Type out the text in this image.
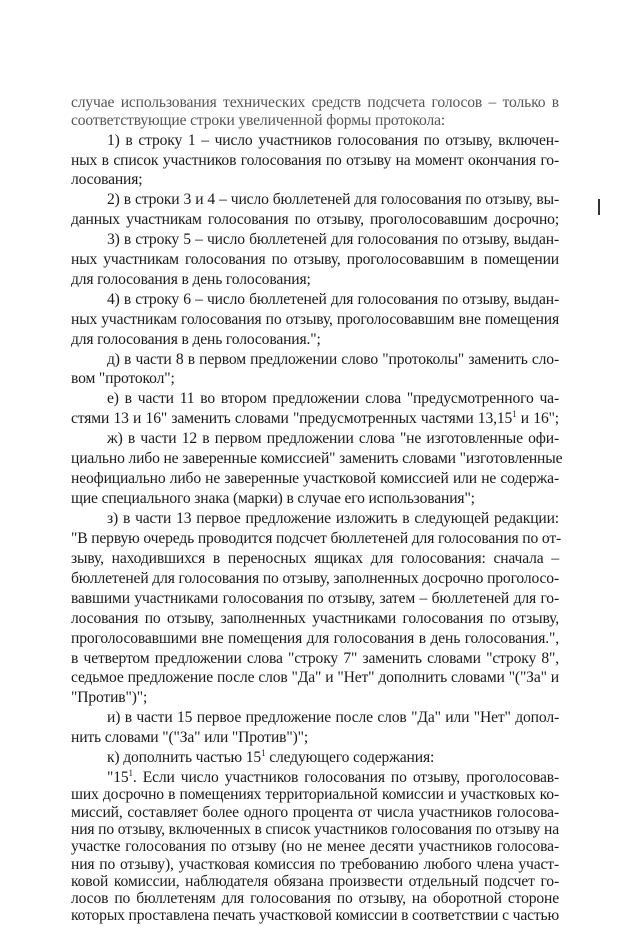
случае использования технических средств подсчета голосов – только в
соответствующие строки увеличенной формы протокола:
1) в строку 1 – число участников голосования по отзыву, включен-
ных в список участников голосования по отзыву на момент окончания го-
лосования;
2) в строки 3 и 4 – число бюллетеней для голосования по отзыву, вы-
данных участникам голосования по отзыву, проголосовавшим досрочно;
3) в строку 5 – число бюллетеней для голосования по отзыву, выдан-
ных участникам голосования по отзыву, проголосовавшим в помещении
для голосования в день голосования;
4) в строку 6 – число бюллетеней для голосования по отзыву, выдан-
ных участникам голосования по отзыву, проголосовавшим вне помещения
для голосования в день голосования.";
д) в части 8 в первом предложении слово "протоколы" заменить сло-
вом "протокол";
е) в части 11 во втором предложении слова "предусмотренного ча-
стями 13 и 16" заменить словами "предусмотренных частями 13,15$^1$ и 16";
ж) в части 12 в первом предложении слова "не изготовленные офи-
циально либо не заверенные комиссией" заменить словами "изготовленные
неофициально либо не заверенные участковой комиссией или не содержа-
щие специального знака (марки) в случае его использования";
з) в части 13 первое предложение изложить в следующей редакции:
"В первую очередь проводится подсчет бюллетеней для голосования по от-
зыву, находившихся в переносных ящиках для голосования: сначала –
бюллетеней для голосования по отзыву, заполненных досрочно проголосо-
вавшими участниками голосования по отзыву, затем – бюллетеней для го-
лосования по отзыву, заполненных участниками голосования по отзыву,
проголосовавшими вне помещения для голосования в день голосования.",
в четвертом предложении слова "строку 7" заменить словами "строку 8",
седьмое предложение после слов "Да" и "Нет" дополнить словами "("За" и
"Против")";
и) в части 15 первое предложение после слов "Да" или "Нет" допол-
нить словами "("За" или "Против")";
к) дополнить частью $15^1$ следующего содержания:
"$15^1$. Если число участников голосования по отзыву, проголосовав-
ших досрочно в помещениях территориальной комиссии и участковых ко-
миссий, составляет более одного процента от числа участников голосова-
ния по отзыву, включенных в список участников голосования по отзыву на
участке голосования по отзыву (но не менее десяти участников голосова-
ния по отзыву), участковая комиссия по требованию любого члена участ-
ковой комиссии, наблюдателя обязана произвести отдельный подсчет го-
лосов по бюллетеням для голосования по отзыву, на оборотной стороне
которых проставлена печать участковой комиссии в соответствии с частью
